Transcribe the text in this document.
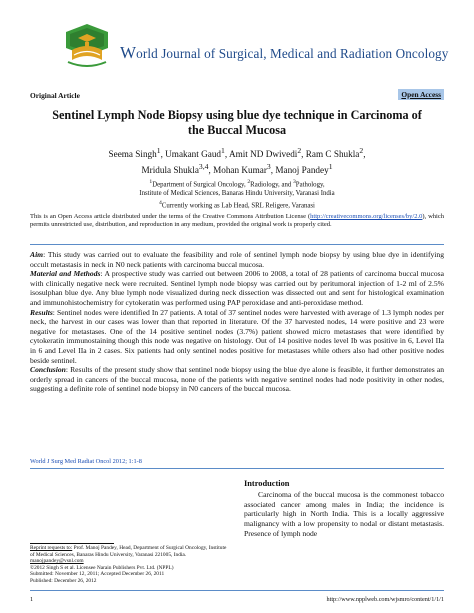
World Journal of Surgical, Medical and Radiation Oncology
Original Article	Open Access
Sentinel Lymph Node Biopsy using blue dye technique in Carcinoma of
the Buccal Mucosa
Seema Singh$^1$, Umakant Gaud$^1$, Amit ND Dwivedi$^2$, Ram C Shukla$^2$,
Mridula Shukla$^{3,4}$, Mohan Kumar$^3$, Manoj Pandey$^1$
$^1$Department of Surgical Oncology, $^2$Radiology, and $^3$Pathology,
Institute of Medical Sciences, Banaras Hindu University, Varanasi India
$^4$Currently working as Lab Head, SRL Religere, Varanasi
This is an Open Access article distributed under the terms of the Creative Commons Attribution License (http://creativecommons.org/licenses/by/2.0), which permits unrestricted use, distribution, and reproduction in any medium, provided the original work is properly cited.

Aim: This study was carried out to evaluate the feasibility and role of sentinel lymph node biopsy by using blue dye in identifying occult metastasis in neck in N0 neck patients with carcinoma buccal mucosa.

Material and Methods: A prospective study was carried out between 2006 to 2008, a total of 28 patients of carcinoma buccal mucosa with clinically negative neck were recruited. Sentinel lymph node biopsy was carried out by peritumoral injection of 1-2 ml of 2.5% isosulphan blue dye. Any blue lymph node visualized during neck dissection was dissected out and sent for histological examination and immunohistochemistry for cytokeratin was performed using PAP peroxidase and anti-peroxidase method.

Results: Sentinel nodes were identified In 27 patients. A total of 37 sentinel nodes were harvested with average of 1.3 lymph nodes per neck, the harvest in our cases was lower than that reported in literature. Of the 37 harvested nodes, 14 were positive and 23 were negative for metastases. One of the 14 positive sentinel nodes (3.7%) patient showed micro metastases that were identified by cytokeratin immunostaining though this node was negative on histology. Out of 14 positive nodes level Ib was positive in 6, Level IIa in 6 and Level IIa in 2 cases. Six patients had only sentinel nodes positive for metastases while others also had other positive nodes beside sentinel.

Conclusion: Results of the present study show that sentinel node biopsy using the blue dye alone is feasible, it further demonstrates an orderly spread in cancers of the buccal mucosa, none of the patients with negative sentinel nodes had node positivity in other nodes, suggesting a definite role of sentinel node biopsy in N0 cancers of the buccal mucosa.

World J Surg Med Radiat Oncol 2012; 1:1-8
Introduction
Carcinoma of the buccal mucosa is the commonest tobacco associated cancer among males in India; the incidence is particularly high in North India. This is a locally aggressive malignancy with a low propensity to nodal or distant metastasis. Presence of lymph node
Reprint requests to: Prof. Manoj Pandey, Head, Department of Surgical Oncology, Institute of Medical Sciences, Banaras Hindu University, Varanasi 221005, India. manojpandey@vsnl.com
©2012 Singh S et al. Licensee Narain Publishers Pvt. Ltd. (NPPL)
Submitted: November 12, 2011; Accepted December 26, 2011
Published: December 26, 2012
1	http://www.npplweb.com/wjsmro/content/1/1/1
